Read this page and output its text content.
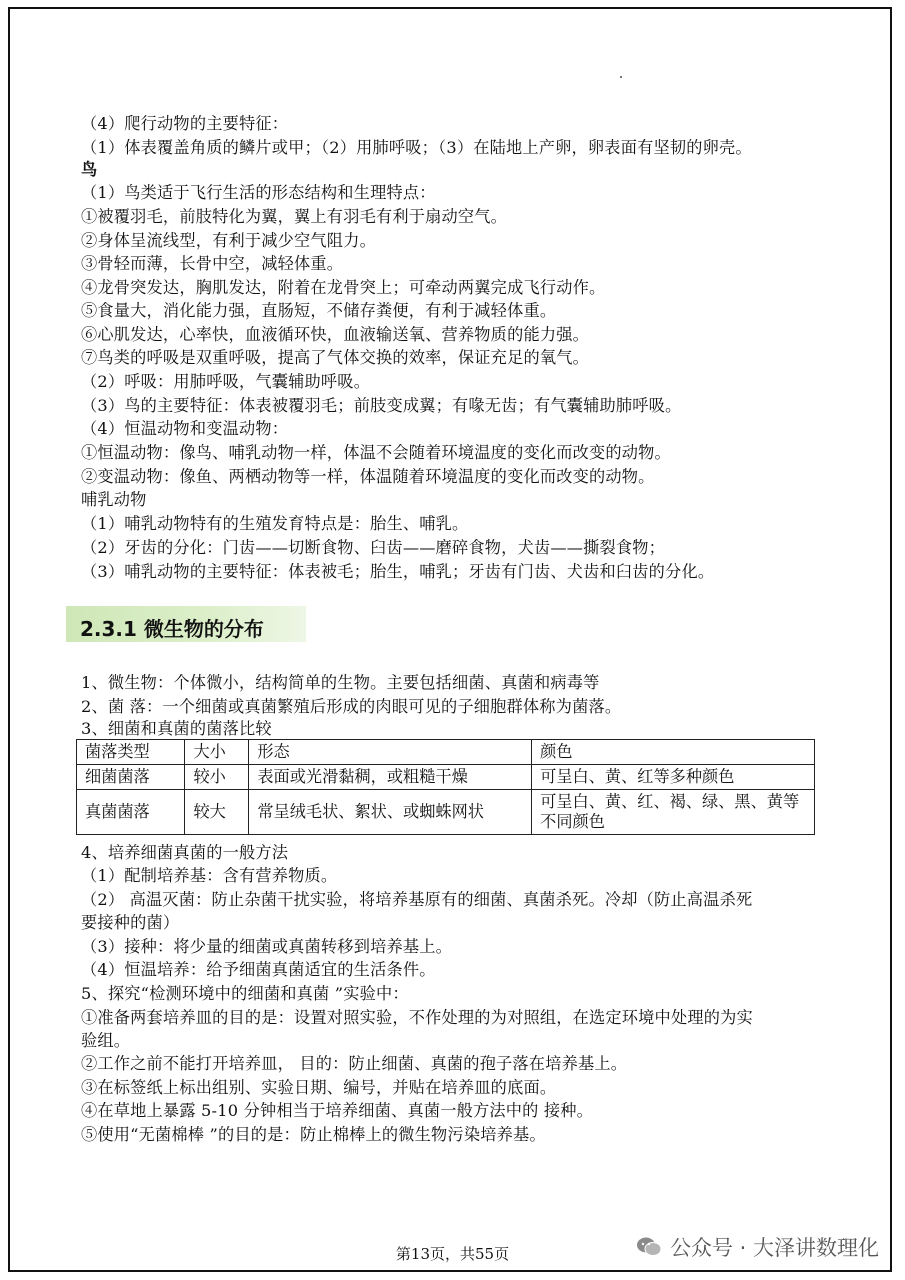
（4）爬行动物的主要特征：
（1）体表覆盖角质的鳞片或甲；（2）用肺呼吸；（3）在陆地上产卵，卵表面有坚韧的卵壳。
鸟
（1）鸟类适于飞行生活的形态结构和生理特点：
①被覆羽毛，前肢特化为翼，翼上有羽毛有利于扇动空气。
②身体呈流线型，有利于减少空气阻力。
③骨轻而薄，长骨中空，减轻体重。
④龙骨突发达，胸肌发达，附着在龙骨突上；可牵动两翼完成飞行动作。
⑤食量大，消化能力强，直肠短，不储存粪便，有利于减轻体重。
⑥心肌发达，心率快，血液循环快，血液输送氧、营养物质的能力强。
⑦鸟类的呼吸是双重呼吸，提高了气体交换的效率，保证充足的氧气。
（2）呼吸：用肺呼吸，气囊辅助呼吸。
（3）鸟的主要特征：体表被覆羽毛；前肢变成翼；有喙无齿；有气囊辅助肺呼吸。
（4）恒温动物和变温动物：
①恒温动物：像鸟、哺乳动物一样，体温不会随着环境温度的变化而改变的动物。
②变温动物：像鱼、两栖动物等一样，体温随着环境温度的变化而改变的动物。
哺乳动物
（1）哺乳动物特有的生殖发育特点是：胎生、哺乳。
（2）牙齿的分化：门齿——切断食物、臼齿——磨碎食物，犬齿——撕裂食物；
（3）哺乳动物的主要特征：体表被毛；胎生，哺乳；牙齿有门齿、犬齿和臼齿的分化。
2.3.1 微生物的分布
1、微生物：个体微小，结构简单的生物。主要包括细菌、真菌和病毒等
2、菌 落：一个细菌或真菌繁殖后形成的肉眼可见的子细胞群体称为菌落。
3、细菌和真菌的菌落比较
菌落类型	大小	形态	颜色
细菌菌落	较小	表面或光滑黏稠，或粗糙干燥	可呈白、黄、红等多种颜色
真菌菌落	较大	常呈绒毛状、絮状、或蜘蛛网状	可呈白、黄、红、褐、绿、黑、黄等不同颜色
4、培养细菌真菌的一般方法
（1）配制培养基：含有营养物质。
（2） 高温灭菌：防止杂菌干扰实验，将培养基原有的细菌、真菌杀死。冷却（防止高温杀死
要接种的菌）
（3）接种：将少量的细菌或真菌转移到培养基上。
（4）恒温培养：给予细菌真菌适宜的生活条件。
5、探究“检测环境中的细菌和真菌 ”实验中：
①准备两套培养皿的目的是：设置对照实验，不作处理的为对照组，在选定环境中处理的为实
验组。
②工作之前不能打开培养皿， 目的：防止细菌、真菌的孢子落在培养基上。
③在标签纸上标出组别、实验日期、编号，并贴在培养皿的底面。
④在草地上暴露 5-10 分钟相当于培养细菌、真菌一般方法中的 接种。
⑤使用“无菌棉棒 ”的目的是：防止棉棒上的微生物污染培养基。
第13页，共55页	公众号 · 大泽讲数理化
